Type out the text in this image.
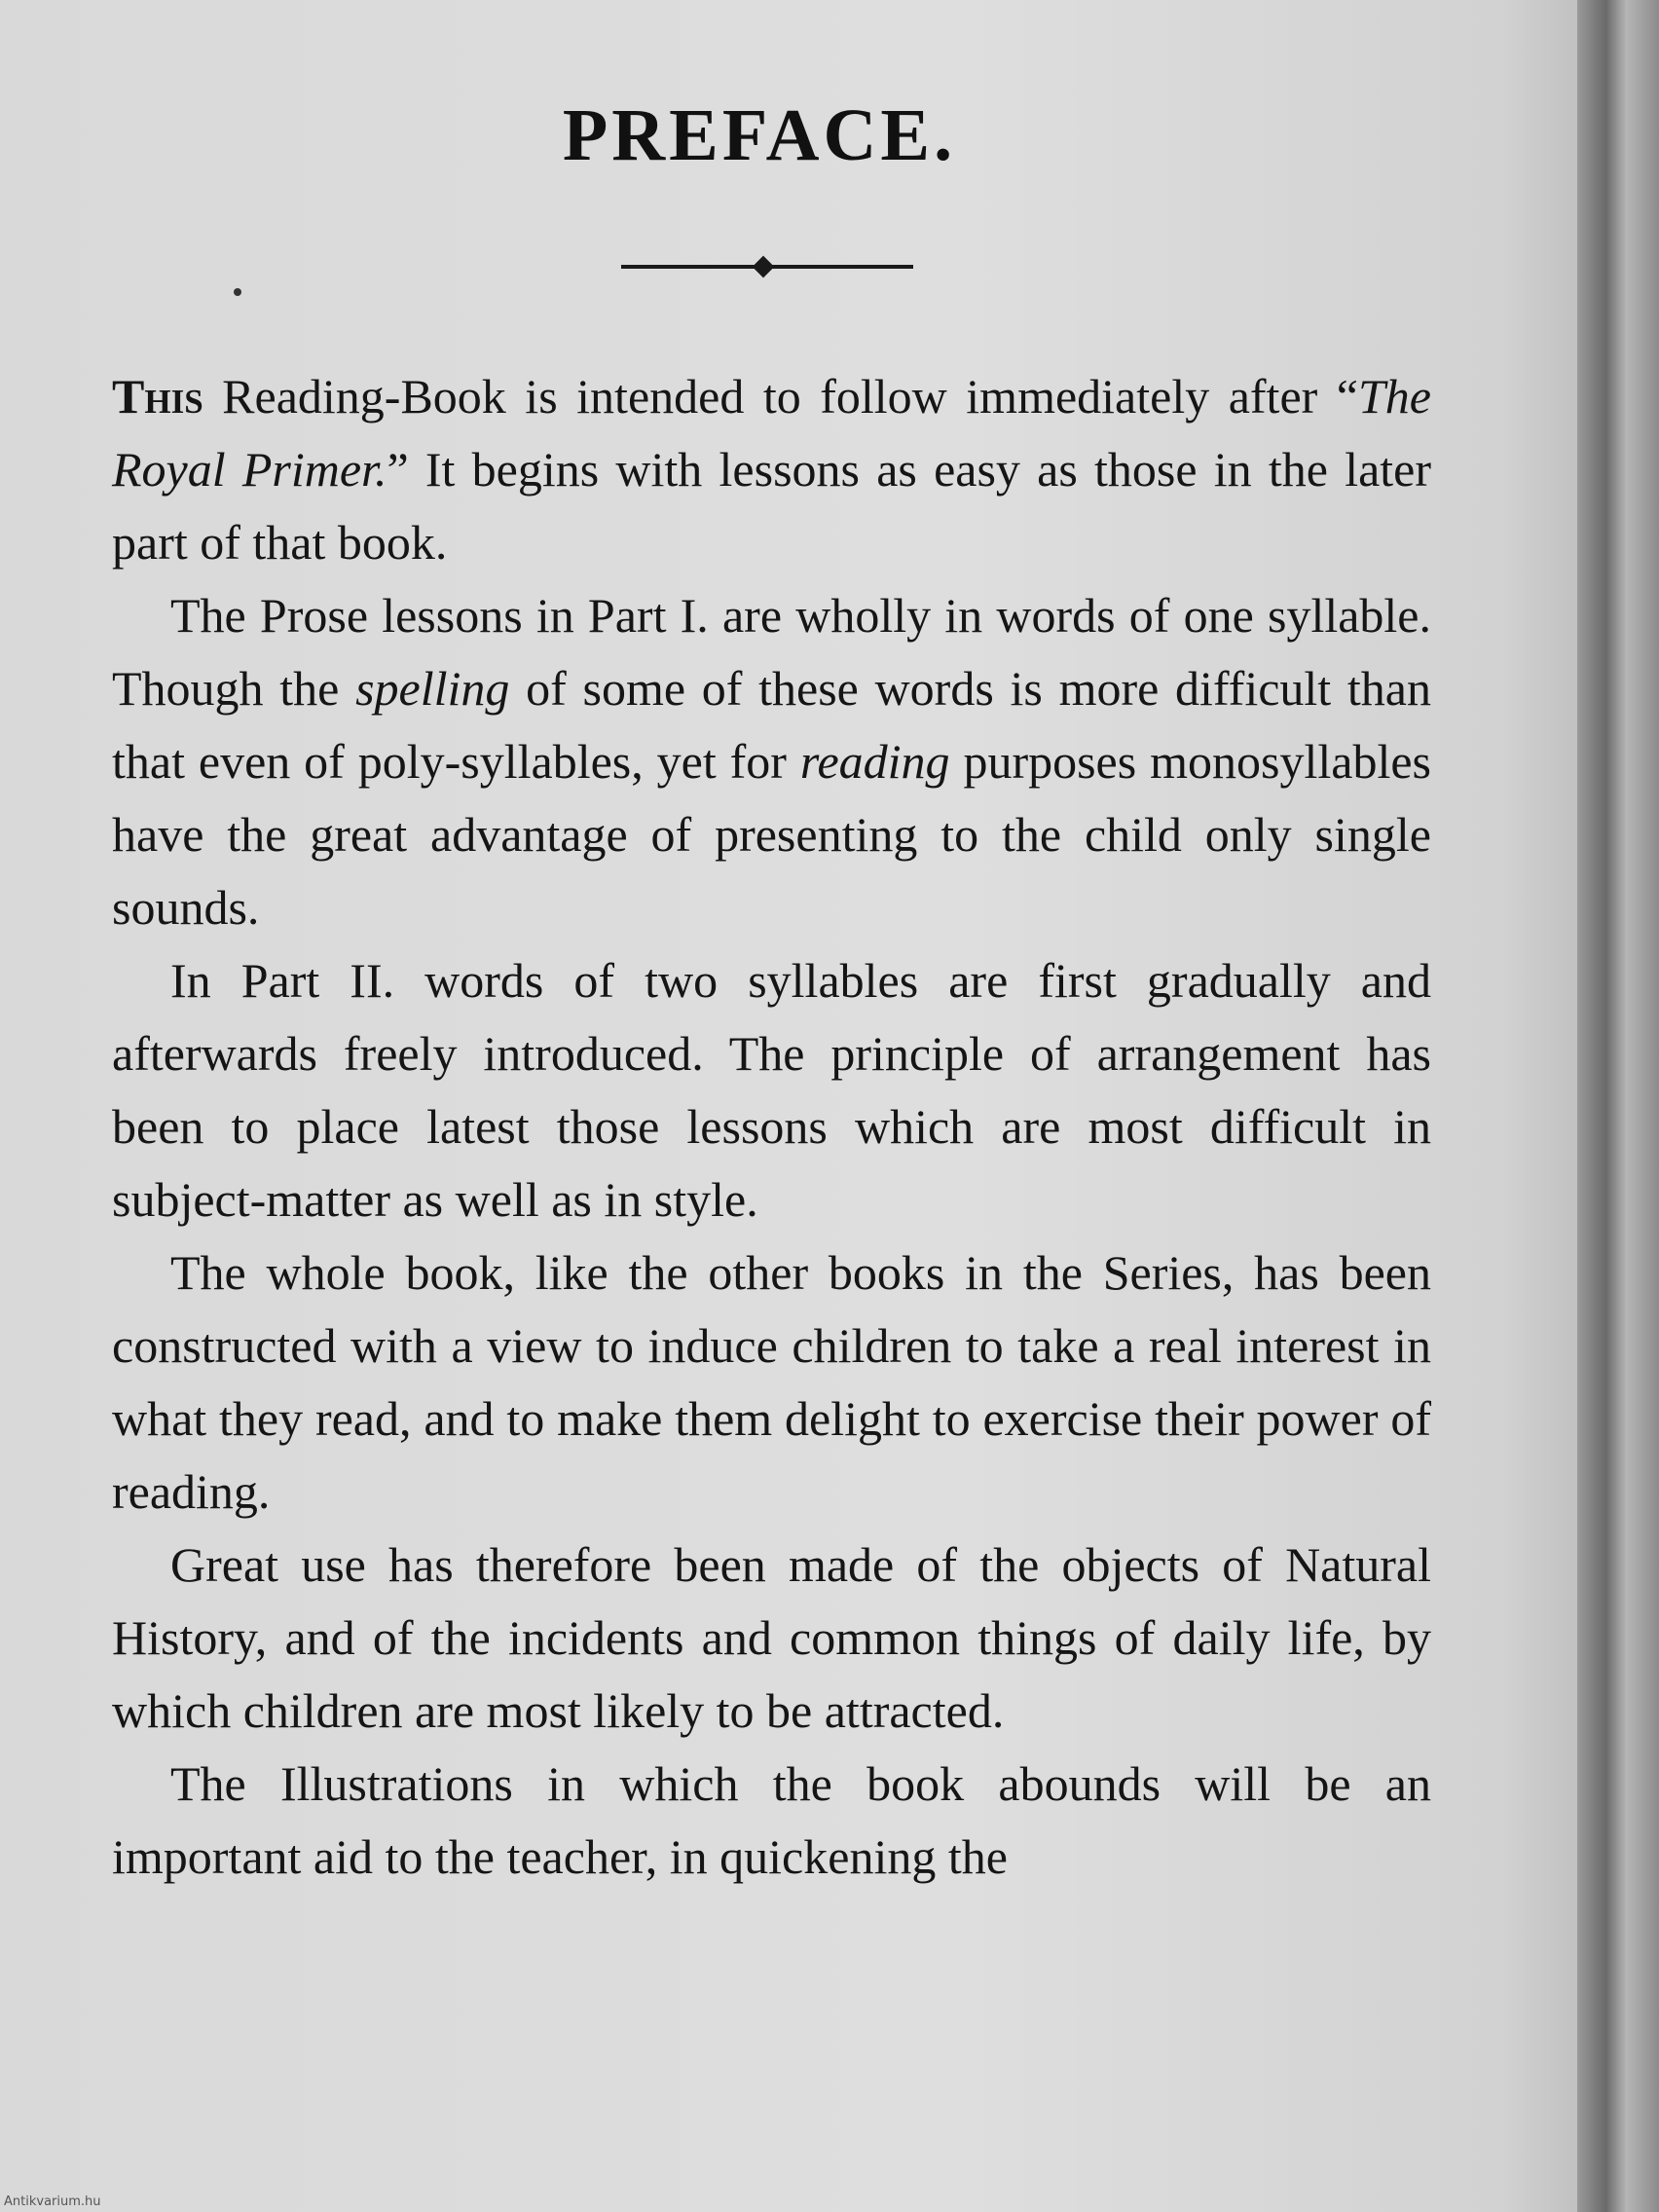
PREFACE.

This Reading-Book is intended to follow immediately after “The Royal Primer.” It begins with lessons as easy as those in the later part of that book.

The Prose lessons in Part I. are wholly in words of one syllable. Though the spelling of some of these words is more difficult than that even of poly-syllables, yet for reading purposes monosyllables have the great advantage of presenting to the child only single sounds.

In Part II. words of two syllables are first gradually and afterwards freely introduced. The principle of arrangement has been to place latest those lessons which are most difficult in subject-matter as well as in style.

The whole book, like the other books in the Series, has been constructed with a view to induce children to take a real interest in what they read, and to make them delight to exercise their power of reading.

Great use has therefore been made of the objects of Natural History, and of the incidents and common things of daily life, by which children are most likely to be attracted.

The Illustrations in which the book abounds will be an important aid to the teacher, in quickening the

Antikvarium.hu
